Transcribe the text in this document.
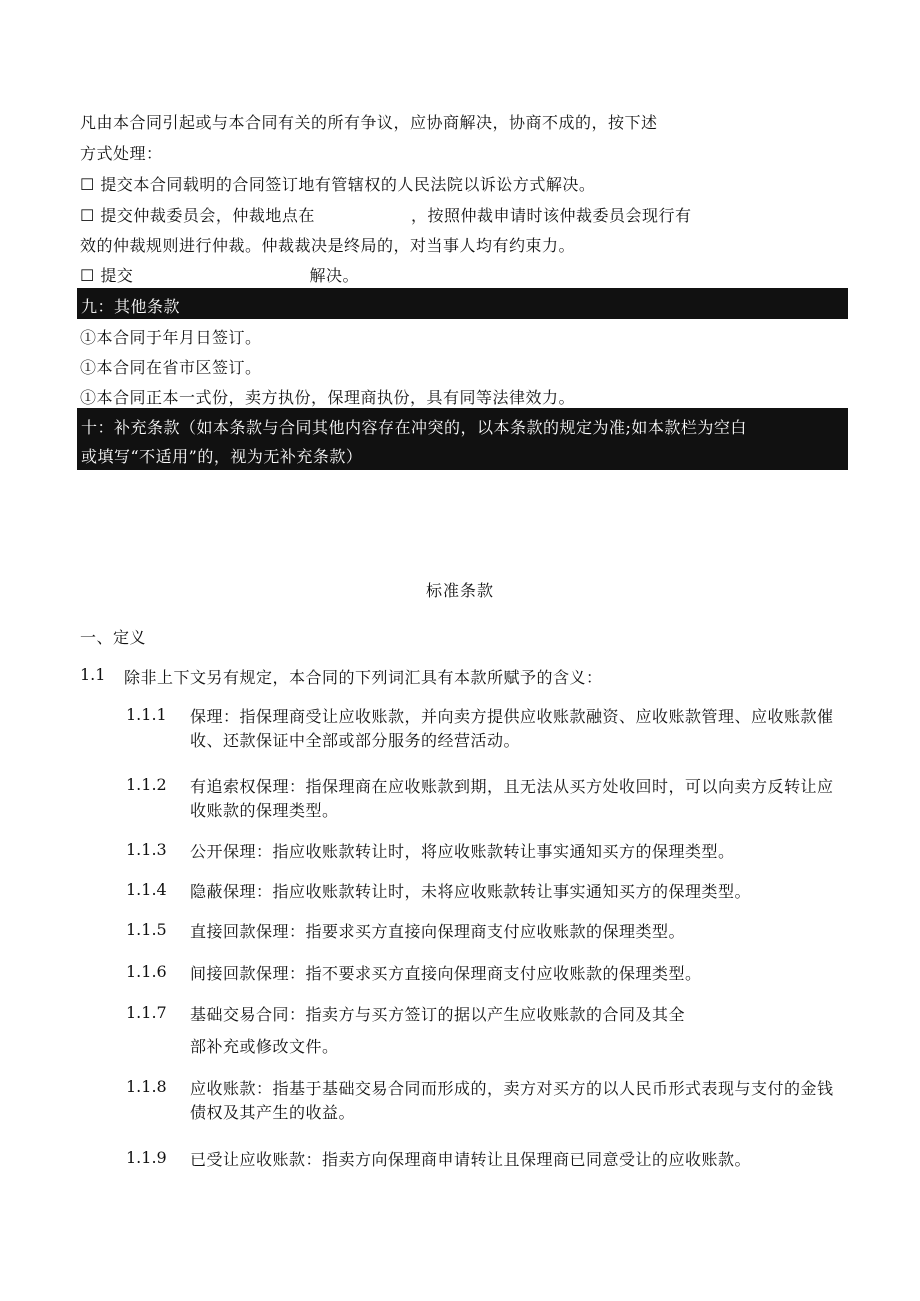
凡由本合同引起或与本合同有关的所有争议，应协商解决，协商不成的，按下述
方式处理：
☐ 提交本合同载明的合同签订地有管辖权的人民法院以诉讼方式解决。
☐ 提交仲裁委员会，仲裁地点在	，按照仲裁申请时该仲裁委员会现行有
效的仲裁规则进行仲裁。仲裁裁决是终局的，对当事人均有约束力。
☐ 提交	解决。
九：其他条款
①本合同于年月日签订。
①本合同在省市区签订。
①本合同正本一式份，卖方执份，保理商执份，具有同等法律效力。
十：补充条款（如本条款与合同其他内容存在冲突的，以本条款的规定为准;如本款栏为空白
或填写“不适用”的，视为无补充条款）
标准条款
一、定义
1.1 除非上下文另有规定，本合同的下列词汇具有本款所赋予的含义：
1.1.1 保理：指保理商受让应收账款，并向卖方提供应收账款融资、应收账款管理、应收账款催收、还款保证中全部或部分服务的经营活动。
1.1.2 有追索权保理：指保理商在应收账款到期，且无法从买方处收回时，可以向卖方反转让应收账款的保理类型。
1.1.3 公开保理：指应收账款转让时，将应收账款转让事实通知买方的保理类型。
1.1.4 隐蔽保理：指应收账款转让时，未将应收账款转让事实通知买方的保理类型。
1.1.5 直接回款保理：指要求买方直接向保理商支付应收账款的保理类型。
1.1.6 间接回款保理：指不要求买方直接向保理商支付应收账款的保理类型。
1.1.7 基础交易合同：指卖方与买方签订的据以产生应收账款的合同及其全
部补充或修改文件。
1.1.8 应收账款：指基于基础交易合同而形成的，卖方对买方的以人民币形式表现与支付的金钱债权及其产生的收益。
1.1.9 已受让应收账款：指卖方向保理商申请转让且保理商已同意受让的应收账款。
